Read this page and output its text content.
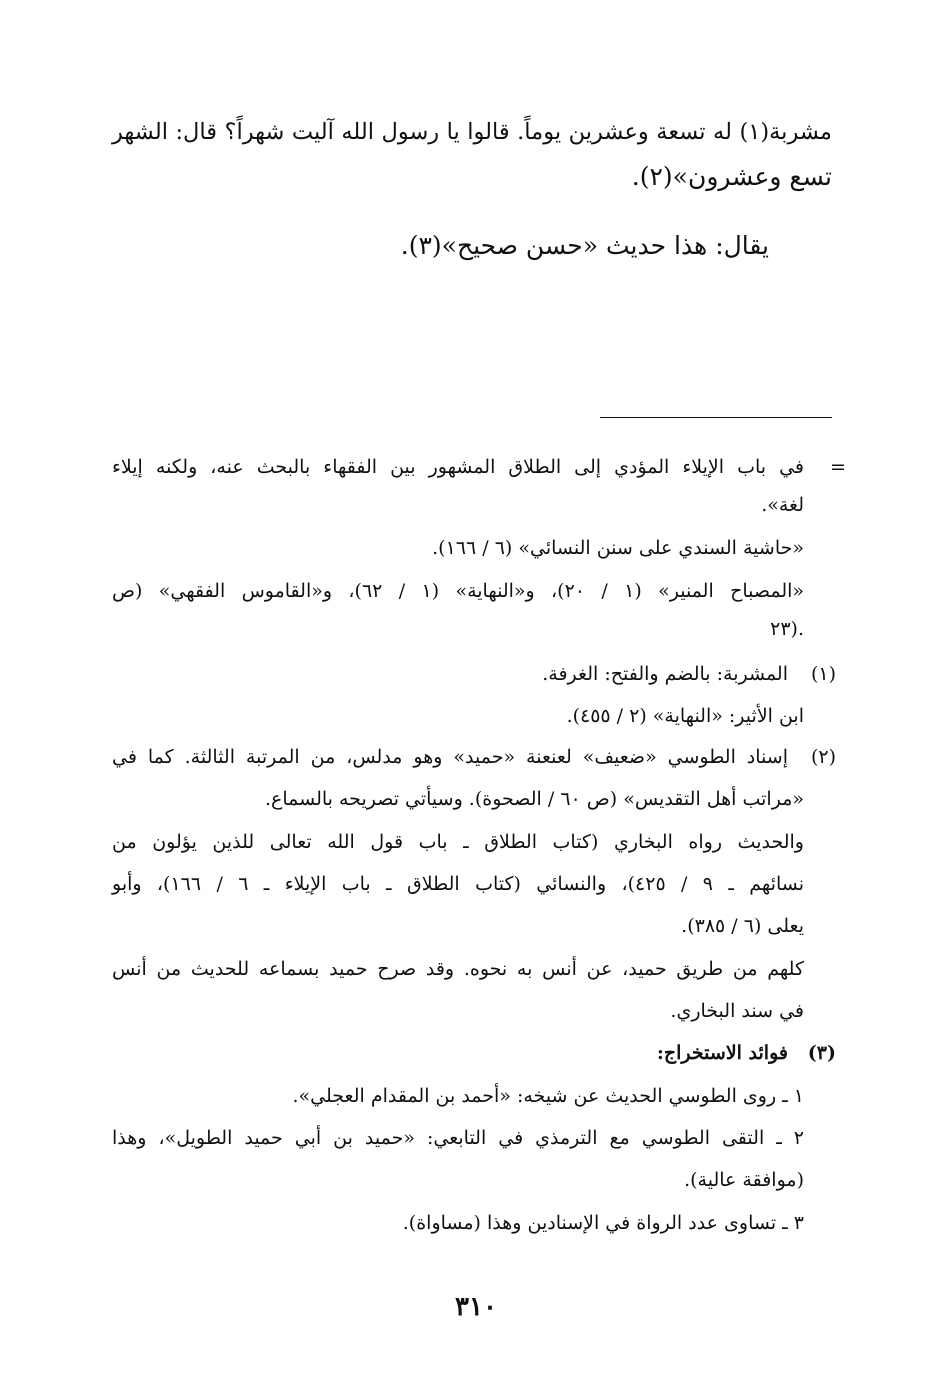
مشربة(١) له تسعة وعشرين يوماً. قالوا يا رسول الله آليت شهراً؟ قال: الشهر
تسع وعشرون»(٢).
يقال: هذا حديث «حسن صحيح»(٣).
=
في باب الإيلاء المؤدي إلى الطلاق المشهور بين الفقهاء بالبحث عنه، ولكنه إيلاء
لغة».
«حاشية السندي على سنن النسائي» (٦ / ١٦٦).
«المصباح المنير» (١ / ٢٠)، و«النهاية» (١ / ٦٢)، و«القاموس الفقهي» (ص
٢٣).
(١)
المشربة: بالضم والفتح: الغرفة.
ابن الأثير: «النهاية» (٢ / ٤٥٥).
(٢)
إسناد الطوسي «ضعيف» لعنعنة «حميد» وهو مدلس، من المرتبة الثالثة. كما في
«مراتب أهل التقديس» (ص ٦٠ / الصحوة). وسيأتي تصريحه بالسماع.
والحديث رواه البخاري (كتاب الطلاق ـ باب قول الله تعالى للذين يؤلون من
نسائهم ـ ٩ / ٤٢٥)، والنسائي (كتاب الطلاق ـ باب الإيلاء ـ ٦ / ١٦٦)، وأبو
يعلى (٦ / ٣٨٥).
كلهم من طريق حميد، عن أنس به نحوه. وقد صرح حميد بسماعه للحديث من أنس
في سند البخاري.
(٣)
فوائد الاستخراج:
١ ـ روى الطوسي الحديث عن شيخه: «أحمد بن المقدام العجلي».
٢ ـ التقى الطوسي مع الترمذي في التابعي: «حميد بن أبي حميد الطويل»، وهذا
(موافقة عالية).
٣ ـ تساوى عدد الرواة في الإسنادين وهذا (مساواة).
٣١٠
